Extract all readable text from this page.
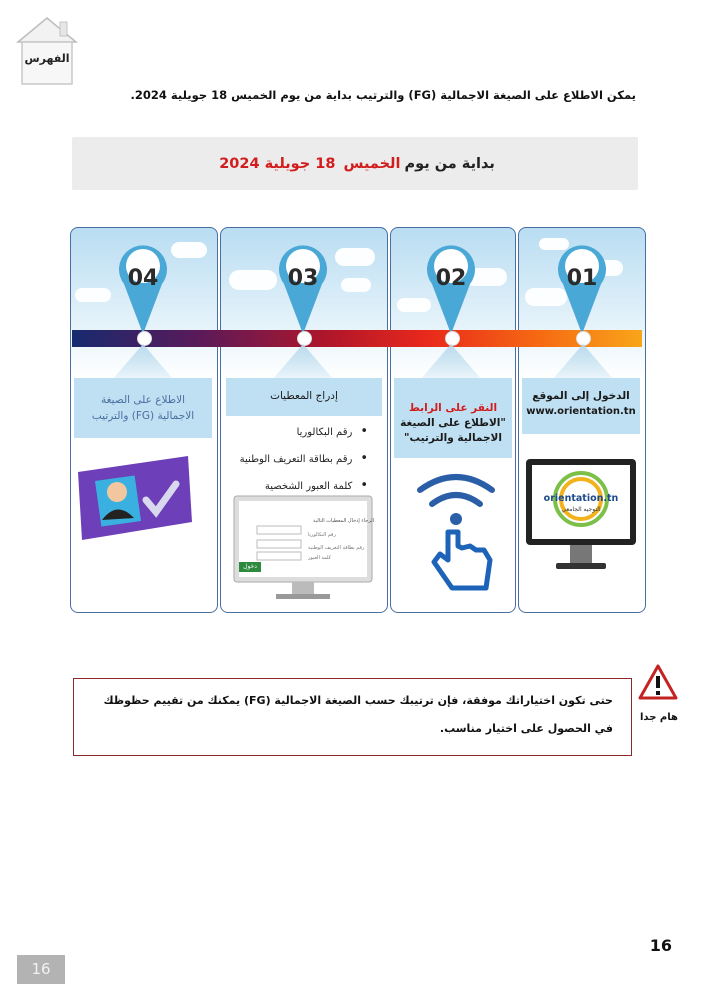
الفهرس
يمكن الاطلاع على الصيغة الاجمالية (FG) والترتيب بداية من يوم الخميس 18 جويلية 2024.
بداية من يوم
الخميس
18 جويلية 2024
01
02
03
04
الدخول إلى الموقع
www.orientation.tn
النقر على الرابط
"الاطلاع على الصيغة
الاجمالية والترتيب"
إدراج المعطيات
• رقم البكالوريا
• رقم بطاقة التعريف الوطنية
• كلمة العبور الشخصية
الاطلاع على الصيغة
الاجمالية (FG) والترتيب
orientation.tn
التوجيه الجامعي
الرجاء إدخال المعطيات التالية
رقم البكالوريا
رقم بطاقة التعريف الوطنية
كلمة العبور
دخول
حتى تكون اختياراتك موفقة، فإن ترتيبك حسب الصيغة الاجمالية (FG) يمكنك من تقييم حظوظك في الحصول على اختيار مناسب.
هام جدا
16
16
